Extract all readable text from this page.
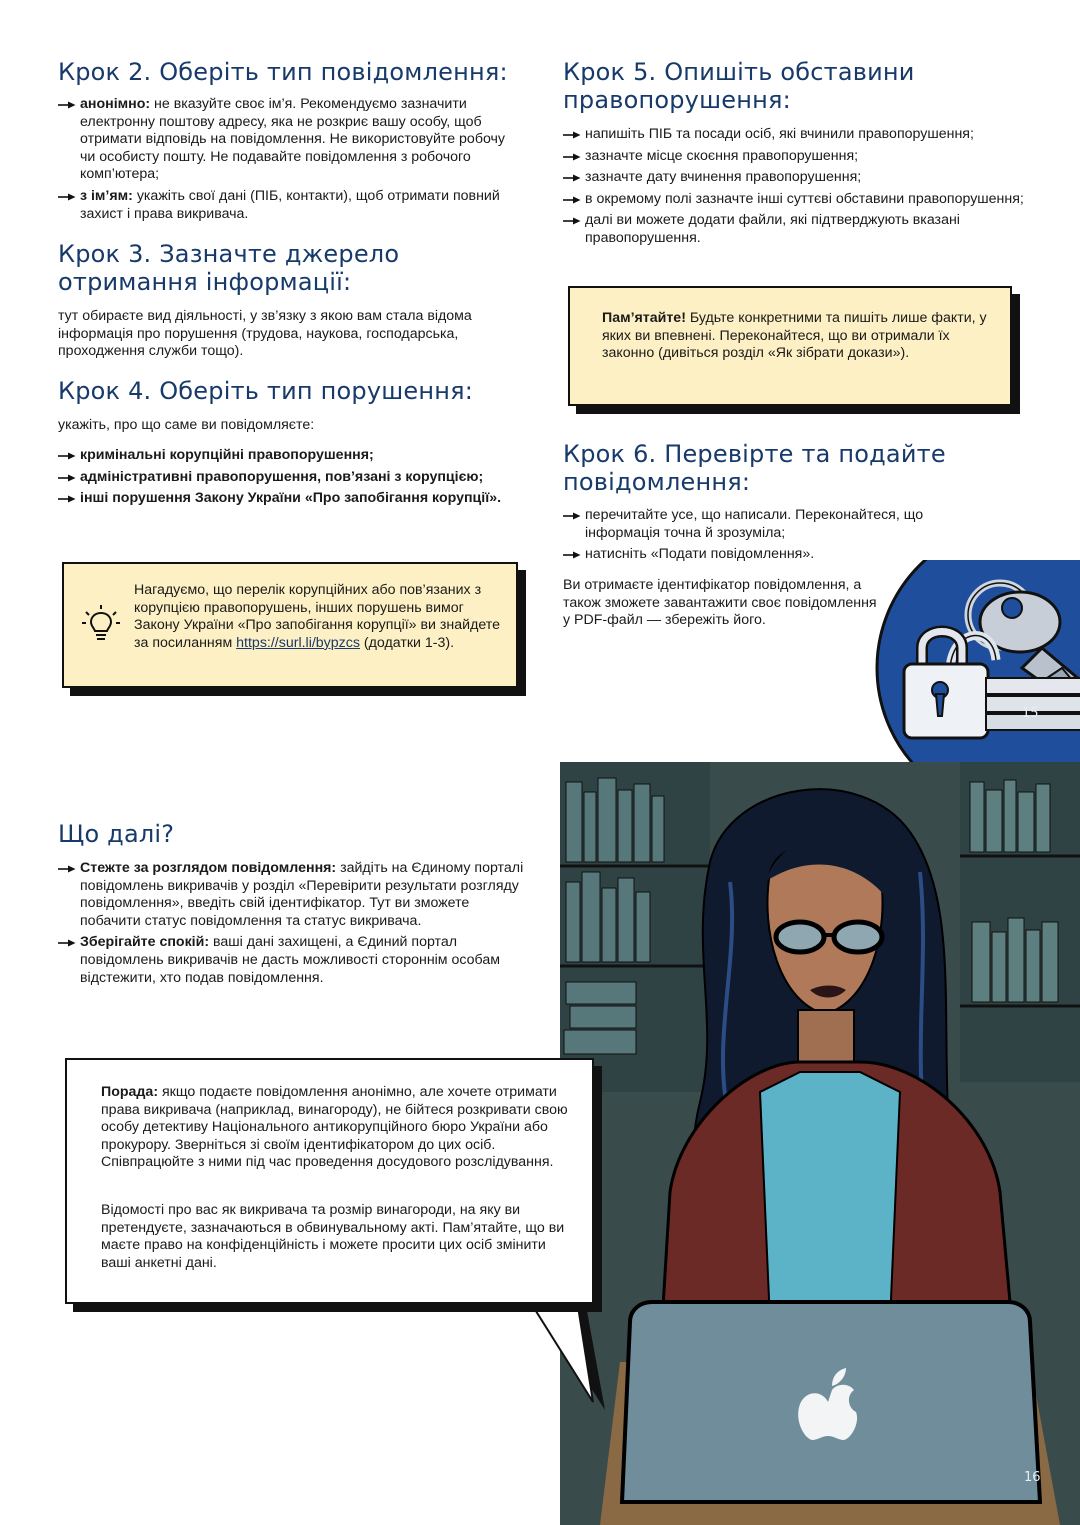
Крок 2. Оберіть тип повідомлення:
анонімно: не вказуйте своє ім’я. Рекомендуємо зазначити електронну поштову адресу, яка не розкриє вашу особу, щоб отримати відповідь на повідомлення. Не використовуйте робочу чи особисту пошту. Не подавайте повідомлення з робочого комп’ютера;
з ім’ям: укажіть свої дані (ПІБ, контакти), щоб отримати повний захист і права викривача.
Крок 3. Зазначте джерело отримання інформації:

тут обираєте вид діяльності, у зв’язку з якою вам стала відома інформація про порушення (трудова, наукова, господарська, проходження служби тощо).

Крок 4. Оберіть тип порушення:

укажіть, про що саме ви повідомляєте:

кримінальні корупційні правопорушення;
адміністративні правопорушення, пов’язані з корупцією;
інші порушення Закону України «Про запобігання корупції».

Нагадуємо, що перелік корупційних або пов’язаних з корупцією правопорушень, інших порушень вимог Закону України «Про запобігання корупції» ви знайдете за посиланням https://surl.li/bypzcs (додатки 1-3).

Крок 5. Опишіть обставини правопорушення:
напишіть ПІБ та посади осіб, які вчинили правопорушення;
зазначте місце скоєння правопорушення;
зазначте дату вчинення правопорушення;
в окремому полі зазначте інші суттєві обставини правопорушення;
далі ви можете додати файли, які підтверджують вказані правопорушення.

Пам’ятайте! Будьте конкретними та пишіть лише факти, у яких ви впевнені. Переконайтеся, що ви отримали їх законно (дивіться розділ «Як зібрати докази»).

Крок 6. Перевірте та подайте повідомлення:
перечитайте усе, що написали. Переконайтеся, що інформація точна й зрозуміла;
натисніть «Подати повідомлення».

Ви отримаєте ідентифікатор повідомлення, а також зможете завантажити своє повідомлення у PDF-файл — збережіть його.

15
Що далі?
Стежте за розглядом повідомлення: зайдіть на Єдиному порталі повідомлень викривачів у розділ «Перевірити результати розгляду повідомлення», введіть свій ідентифікатор. Тут ви зможете побачити статус повідомлення та статус викривача.
Зберігайте спокій: ваші дані захищені, а Єдиний портал повідомлень викривачів не дасть можливості стороннім особам відстежити, хто подав повідомлення.
16

Порада: якщо подаєте повідомлення анонімно, але хочете отримати права викривача (наприклад, винагороду), не бійтеся розкривати свою особу детективу Національного антикорупційного бюро України або прокурору. Зверніться зі своїм ідентифікатором до цих осіб. Співпрацюйте з ними під час проведення досудового розслідування.

Відомості про вас як викривача та розмір винагороди, на яку ви претендуєте, зазначаються в обвинувальному акті. Пам’ятайте, що ви маєте право на конфіденційність і можете просити цих осіб змінити ваші анкетні дані.
